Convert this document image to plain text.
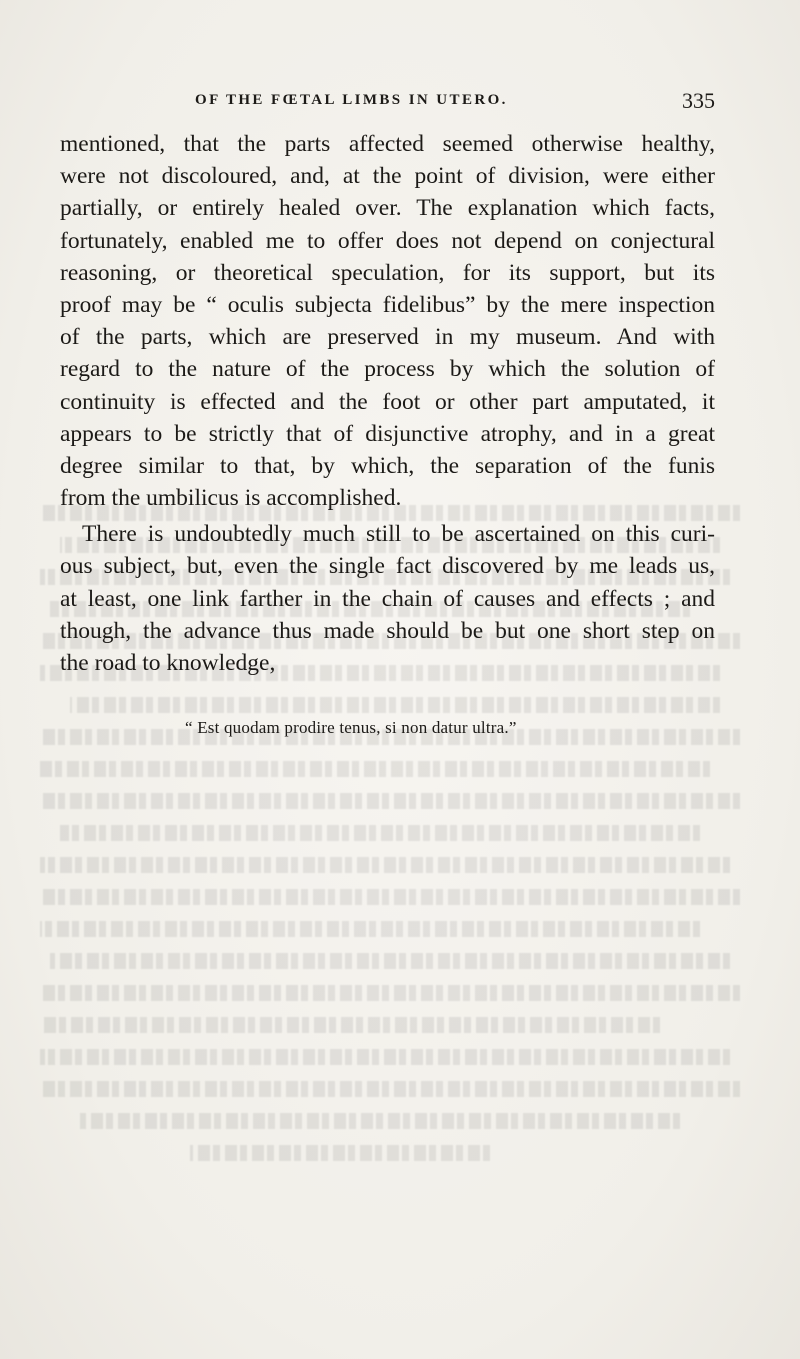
OF THE FŒTAL LIMBS IN UTERO.	335
mentioned, that the parts affected seemed otherwise healthy,
were not discoloured, and, at the point of division, were either
partially, or entirely healed over. The explanation which facts,
fortunately, enabled me to offer does not depend on conjectural
reasoning, or theoretical speculation, for its support, but its
proof may be “ oculis subjecta fidelibus” by the mere inspection
of the parts, which are preserved in my museum. And with
regard to the nature of the process by which the solution of
continuity is effected and the foot or other part amputated, it
appears to be strictly that of disjunctive atrophy, and in a great
degree similar to that, by which, the separation of the funis
from the umbilicus is accomplished.
There is undoubtedly much still to be ascertained on this curi-
ous subject, but, even the single fact discovered by me leads us,
at least, one link farther in the chain of causes and effects ; and
though, the advance thus made should be but one short step on
the road to knowledge,
“ Est quodam prodire tenus, si non datur ultra.”
